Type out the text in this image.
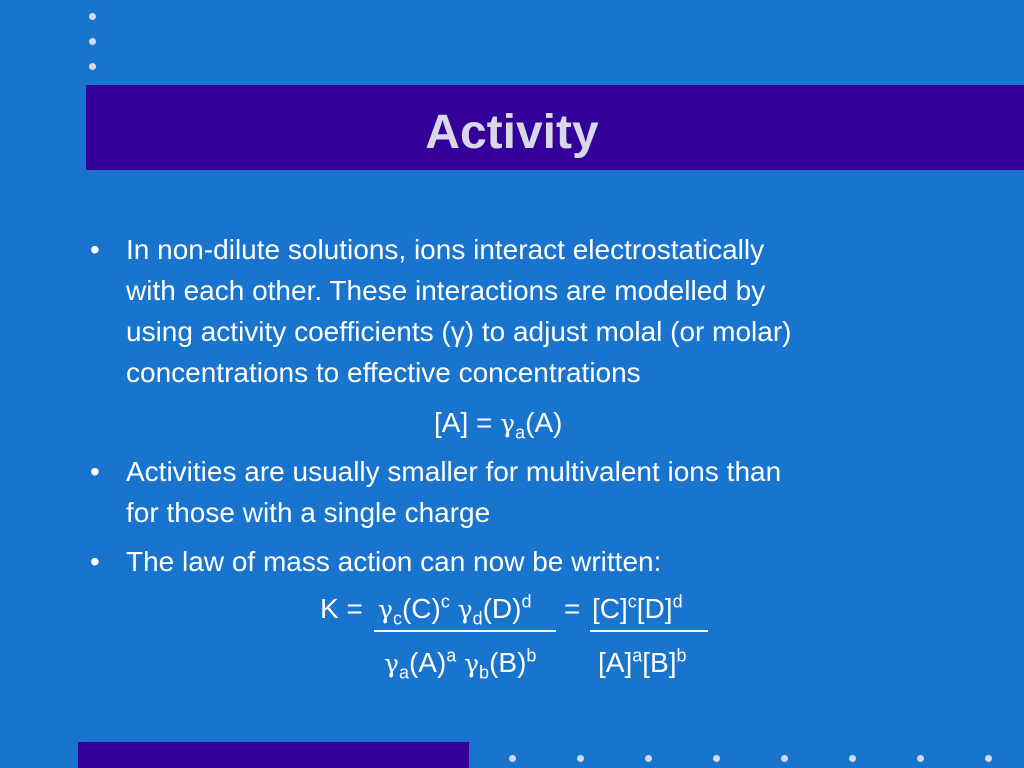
Activity
• In non-dilute solutions, ions interact electrostatically
with each other. These interactions are modelled by
using activity coefficients (γ) to adjust molal (or molar)
concentrations to effective concentrations
$[A] = \gamma_a(A)$
• Activities are usually smaller for multivalent ions than
for those with a single charge
• The law of mass action can now be written:
$K = \gamma_c(C)^c$ $\gamma_d(D)^d = [C]^c[D]^d$
$\gamma_a(A)^a$ $\gamma_b(B)^b$ $[A]^a[B]^b$
